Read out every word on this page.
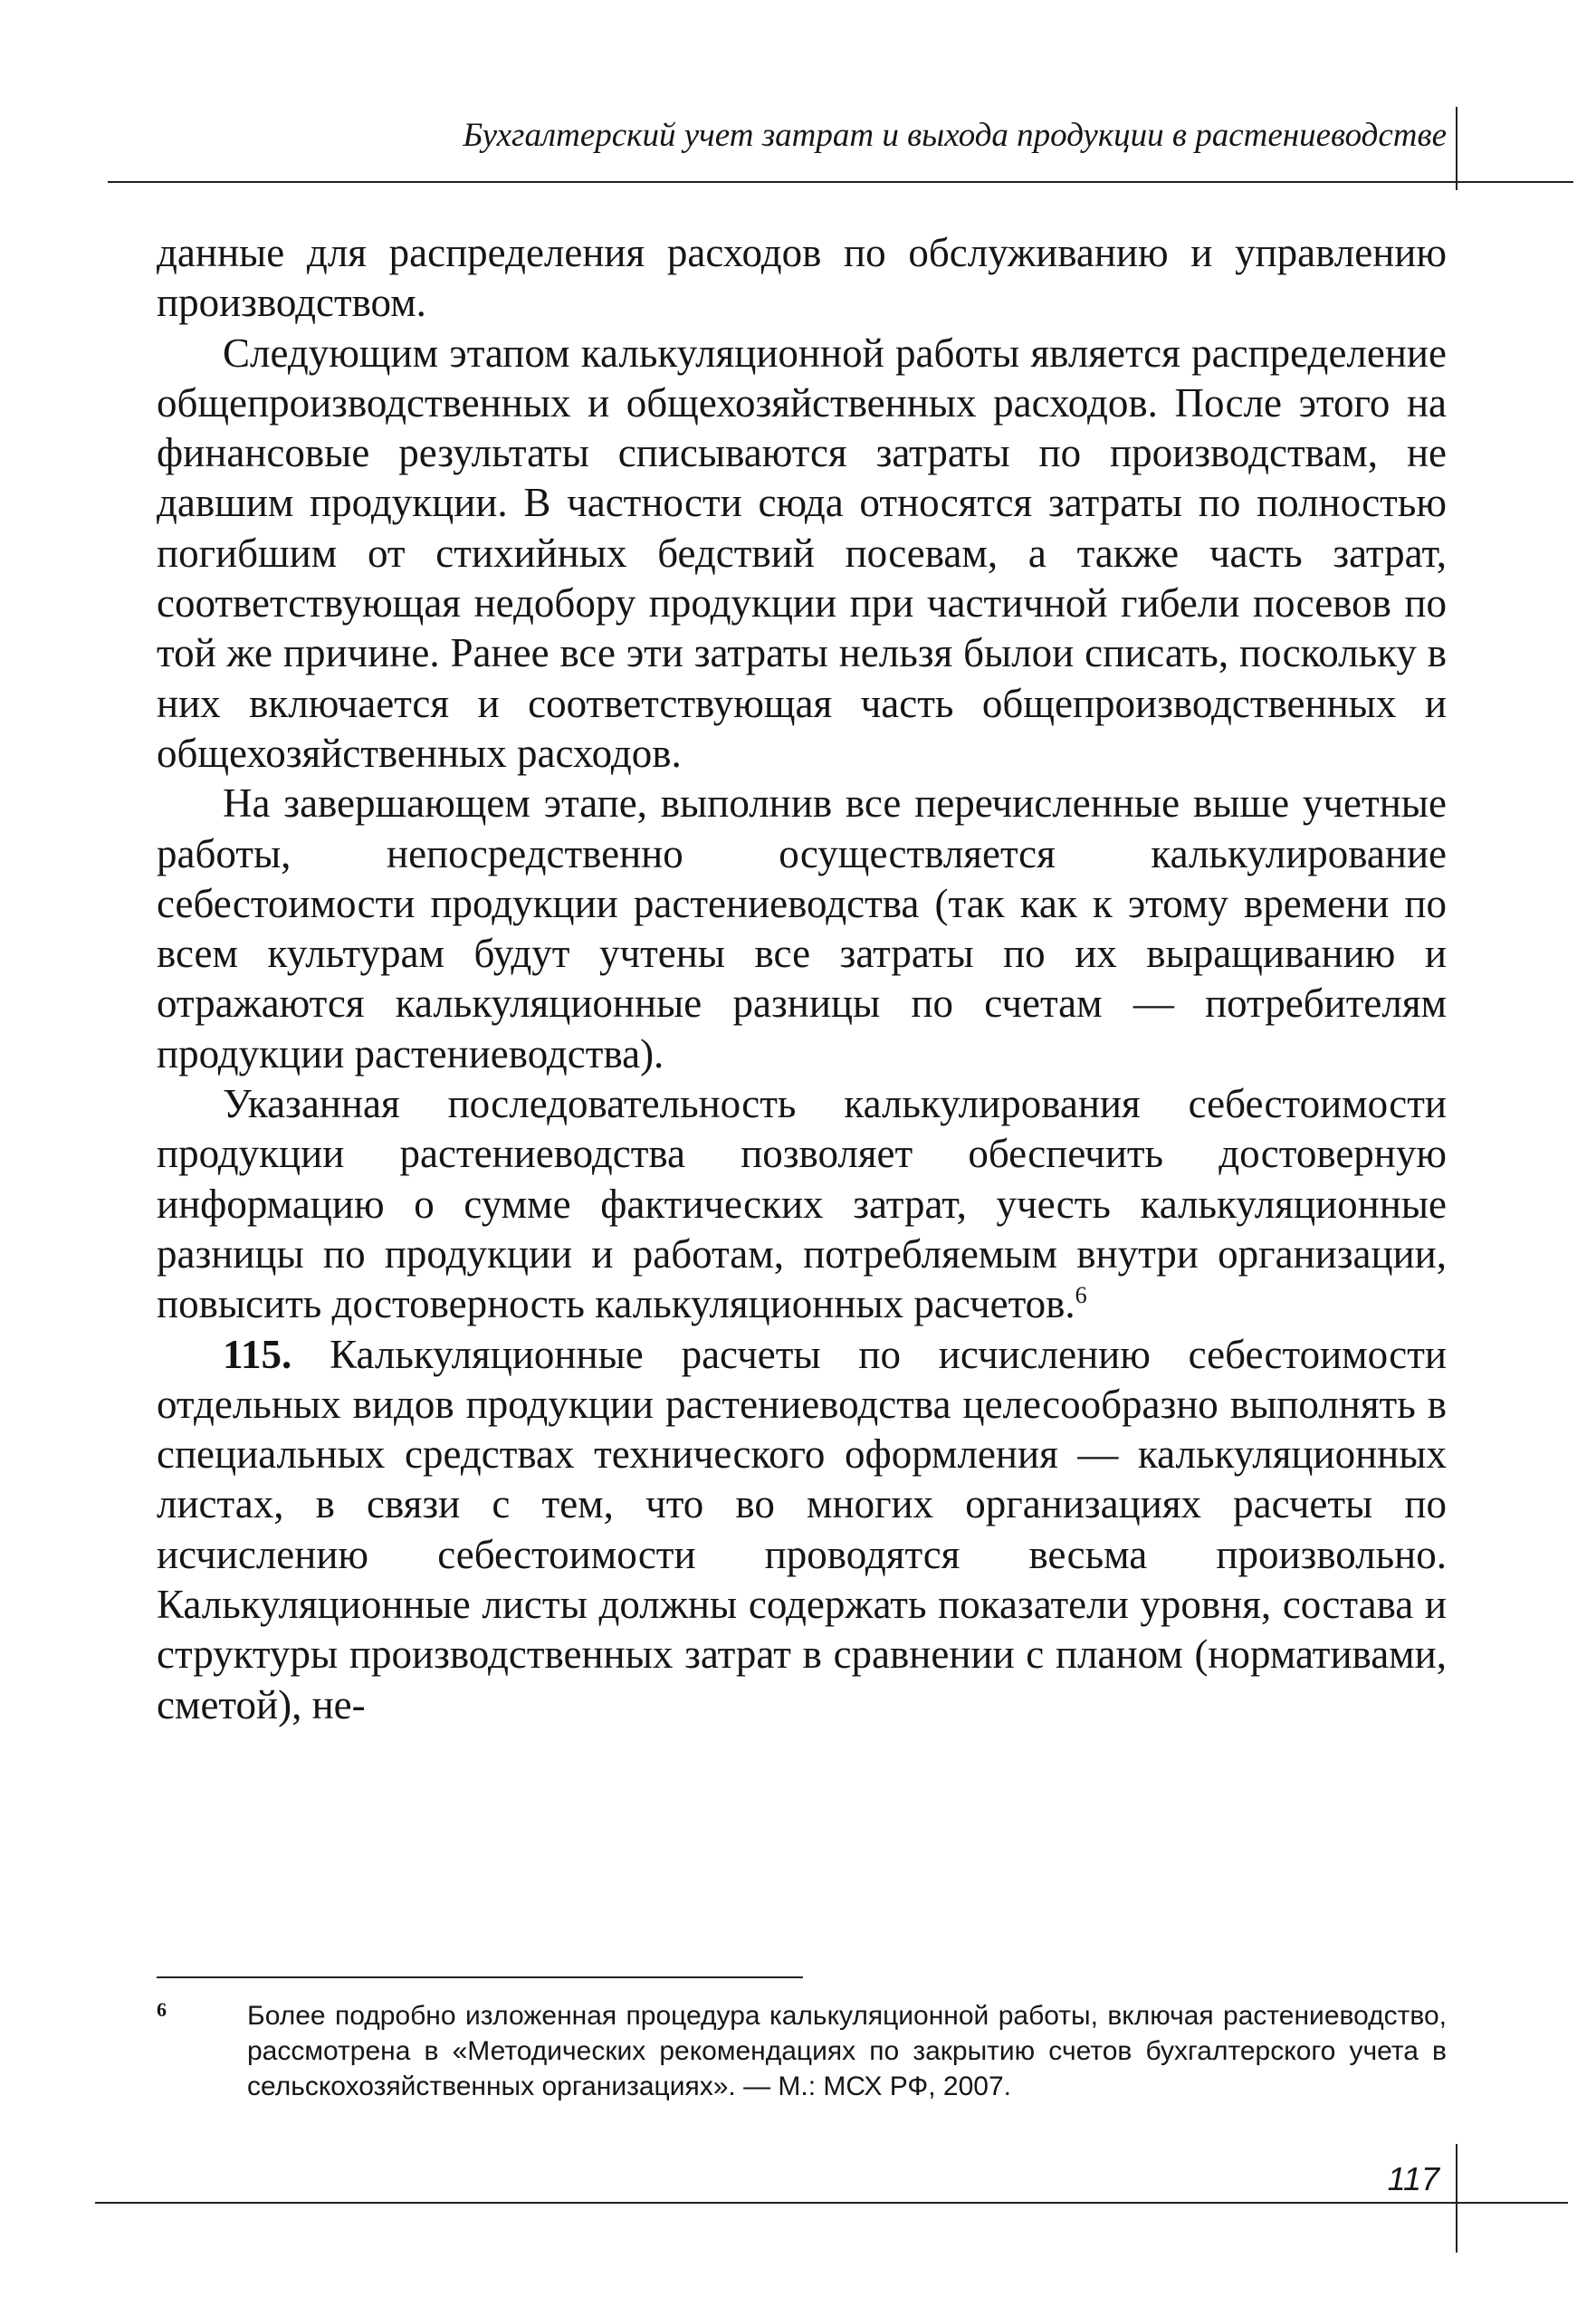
Бухгалтерский учет затрат и выхода продукции в растениеводстве

данные для распределения расходов по обслуживанию и управлению производством.

Следующим этапом калькуляционной работы является распределение общепроизводственных и общехозяйственных расходов. После этого на финансовые результаты списываются затраты по производствам, не давшим продукции. В частности сюда относятся затраты по полностью погибшим от стихийных бедствий посевам, а также часть затрат, соответствующая недобору продукции при частичной гибели посевов по той же причине. Ранее все эти затраты нельзя былои списать, поскольку в них включается и соответствующая часть общепроизводственных и общехозяйственных расходов.

На завершающем этапе, выполнив все перечисленные выше учетные работы, непосредственно осуществляется калькулирование себестоимости продукции растениеводства (так как к этому времени по всем культурам будут учтены все затраты по их выращиванию и отражаются калькуляционные разницы по счетам — потребителям продукции растениеводства).

Указанная последовательность калькулирования себестоимости продукции растениеводства позволяет обеспечить достоверную информацию о сумме фактических затрат, учесть калькуляционные разницы по продукции и работам, потребляемым внутри организации, повысить достоверность калькуляционных расчетов.$^6$

115. Калькуляционные расчеты по исчислению себестоимости отдельных видов продукции растениеводства целесообразно выполнять в специальных средствах технического оформления — калькуляционных листах, в связи с тем, что во многих организациях расчеты по исчислению себестоимости проводятся весьма произвольно. Калькуляционные листы должны содержать показатели уровня, состава и структуры производственных затрат в сравнении с планом (нормативами, сметой), не-

6	Более подробно изложенная процедура калькуляционной работы, включая растениеводство, рассмотрена в «Методических рекомендациях по закрытию счетов бухгалтерского учета в сельскохозяйственных организациях». — М.: МСХ РФ, 2007.
117
